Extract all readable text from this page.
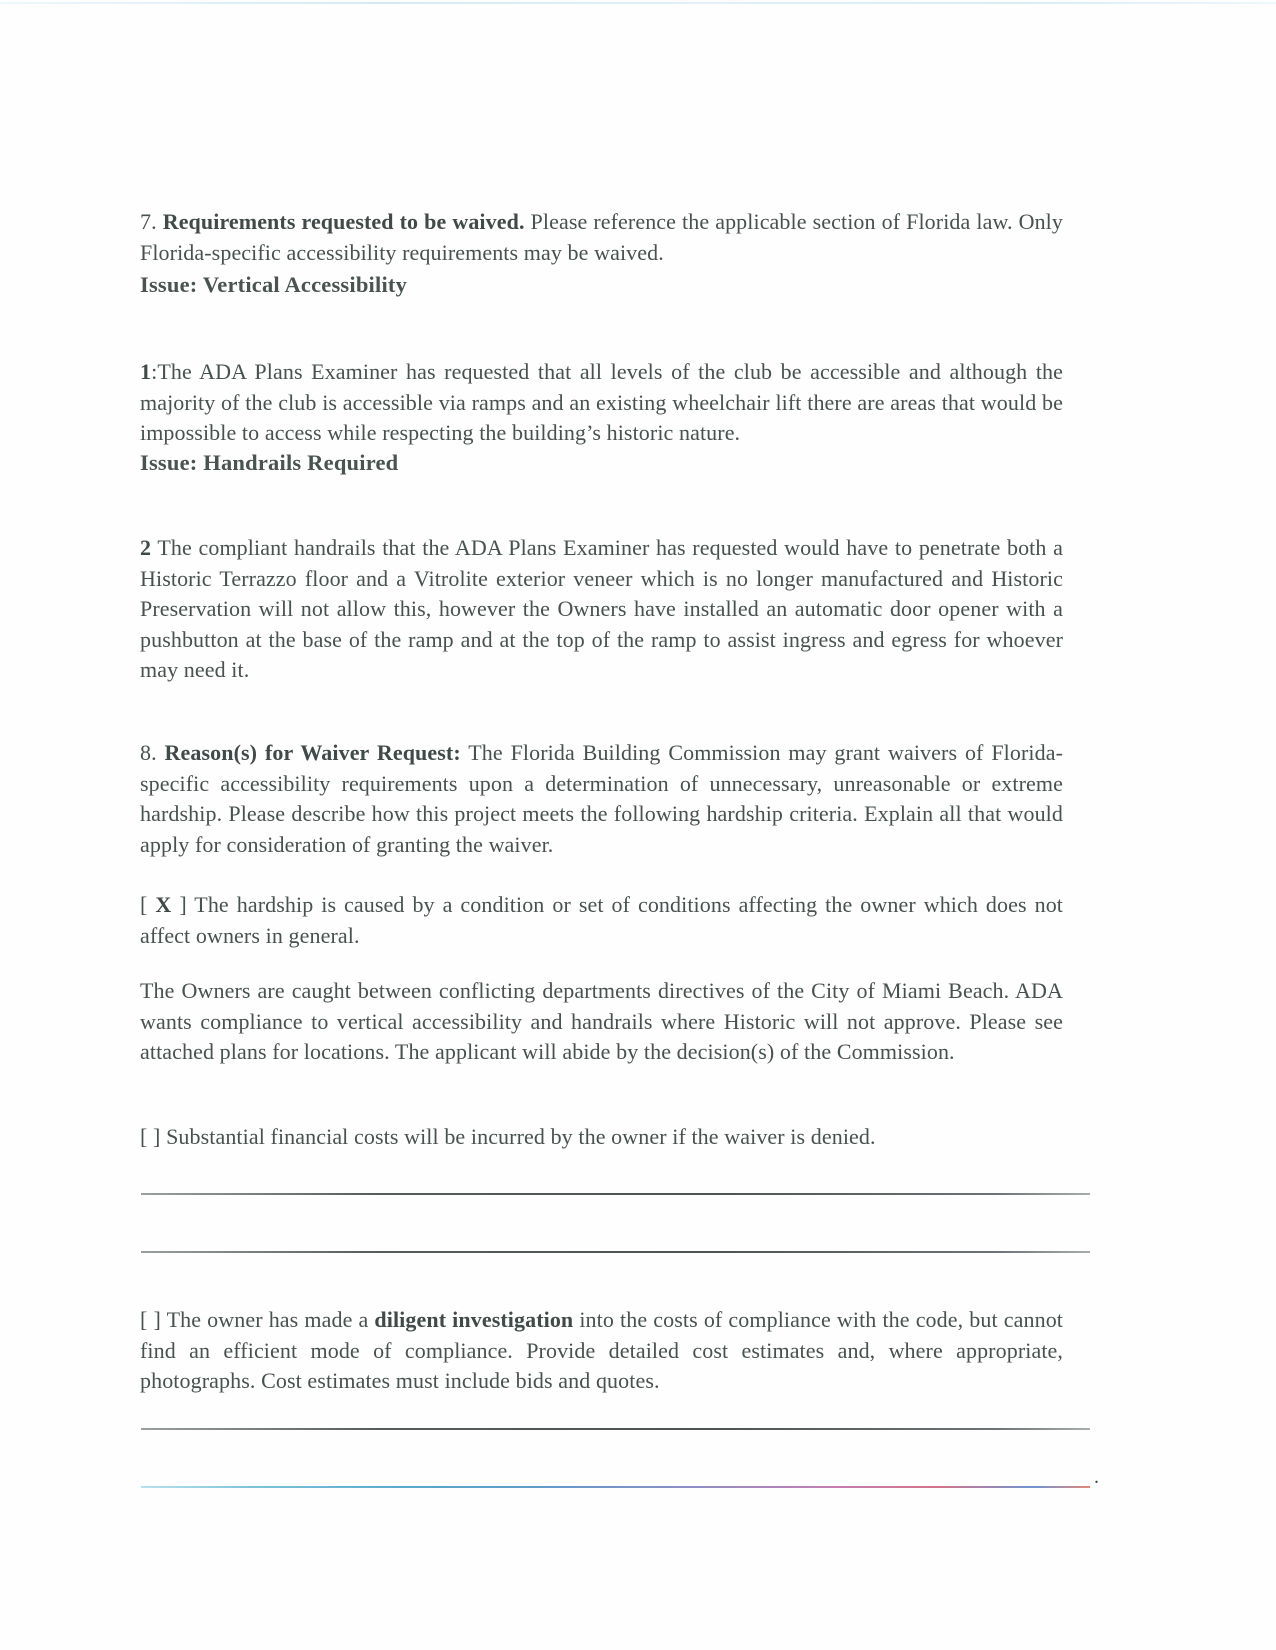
7. Requirements requested to be waived. Please reference the applicable section of Florida law. Only Florida-specific accessibility requirements may be waived.

Issue: Vertical Accessibility

1:The ADA Plans Examiner has requested that all levels of the club be accessible and although the majority of the club is accessible via ramps and an existing wheelchair lift there are areas that would be impossible to access while respecting the building’s historic nature.

Issue: Handrails Required

2 The compliant handrails that the ADA Plans Examiner has requested would have to penetrate both a Historic Terrazzo floor and a Vitrolite exterior veneer which is no longer manufactured and Historic Preservation will not allow this, however the Owners have installed an automatic door opener with a pushbutton at the base of the ramp and at the top of the ramp to assist ingress and egress for whoever may need it.

8. Reason(s) for Waiver Request: The Florida Building Commission may grant waivers of Florida-specific accessibility requirements upon a determination of unnecessary, unreasonable or extreme hardship. Please describe how this project meets the following hardship criteria. Explain all that would apply for consideration of granting the waiver.

[ X ] The hardship is caused by a condition or set of conditions affecting the owner which does not affect owners in general.

The Owners are caught between conflicting departments directives of the City of Miami Beach. ADA wants compliance to vertical accessibility and handrails where Historic will not approve. Please see attached plans for locations. The applicant will abide by the decision(s) of the Commission.

[ ] Substantial financial costs will be incurred by the owner if the waiver is denied.

[ ] The owner has made a diligent investigation into the costs of compliance with the code, but cannot find an efficient mode of compliance. Provide detailed cost estimates and, where appropriate, photographs. Cost estimates must include bids and quotes.

.
